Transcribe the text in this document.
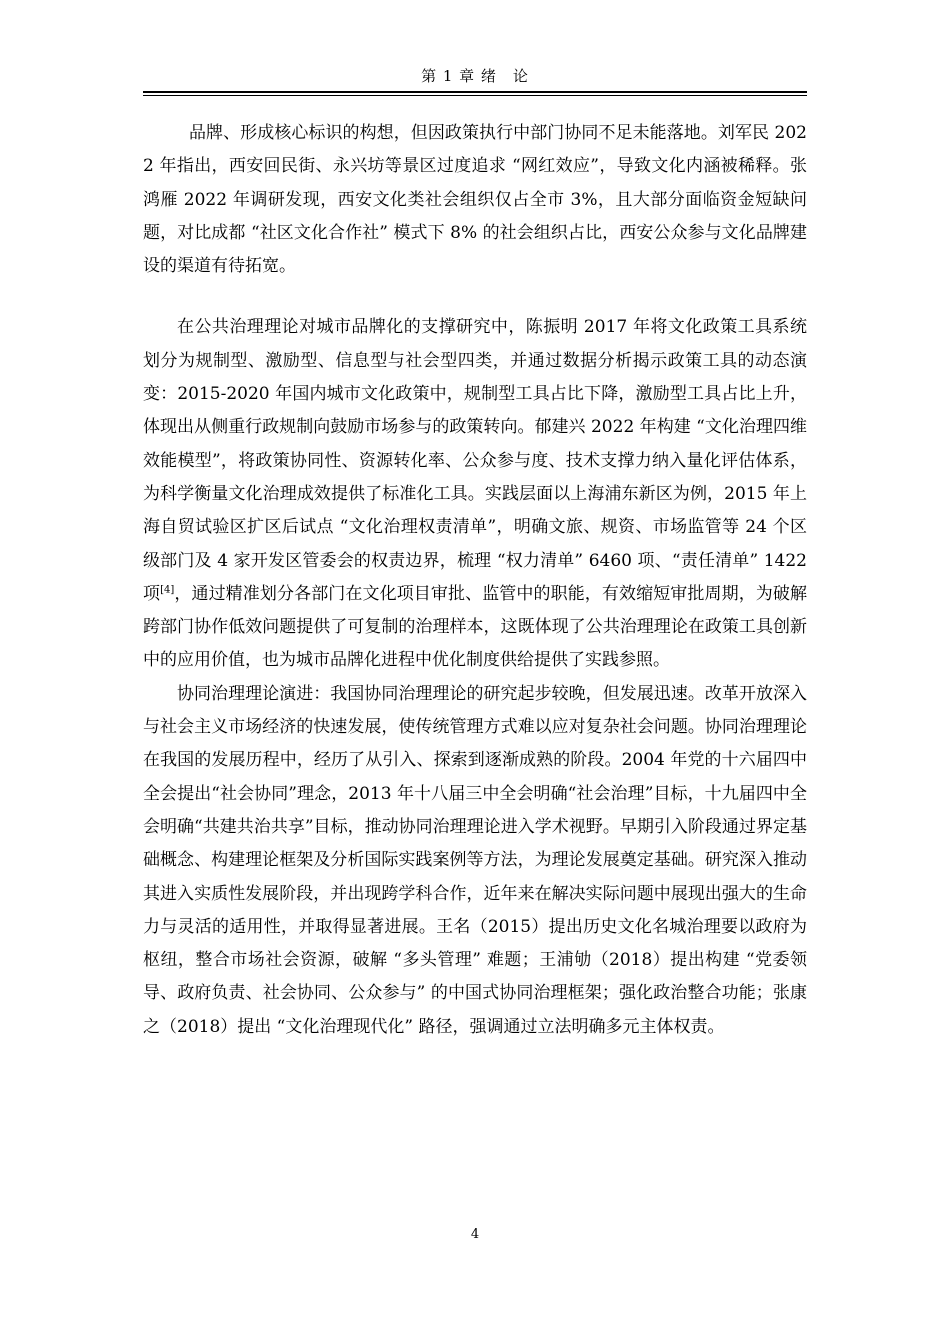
第 1 章 绪　论

品牌、形成核心标识的构想，但因政策执行中部门协同不足未能落地。刘军民 2022 年指出，西安回民街、永兴坊等景区过度追求 “网红效应”，导致文化内涵被稀释。张鸿雁 2022 年调研发现，西安文化类社会组织仅占全市 3%，且大部分面临资金短缺问题，对比成都 “社区文化合作社” 模式下 8% 的社会组织占比，西安公众参与文化品牌建设的渠道有待拓宽。

在公共治理理论对城市品牌化的支撑研究中，陈振明 2017 年将文化政策工具系统划分为规制型、激励型、信息型与社会型四类，并通过数据分析揭示政策工具的动态演变：2015-2020 年国内城市文化政策中，规制型工具占比下降，激励型工具占比上升，体现出从侧重行政规制向鼓励市场参与的政策转向。郁建兴 2022 年构建 “文化治理四维效能模型”，将政策协同性、资源转化率、公众参与度、技术支撑力纳入量化评估体系，为科学衡量文化治理成效提供了标准化工具。实践层面以上海浦东新区为例，2015 年上海自贸试验区扩区后试点 “文化治理权责清单”，明确文旅、规资、市场监管等 24 个区级部门及 4 家开发区管委会的权责边界，梳理 “权力清单” 6460 项、“责任清单” 1422 项[4]，通过精准划分各部门在文化项目审批、监管中的职能，有效缩短审批周期，为破解跨部门协作低效问题提供了可复制的治理样本，这既体现了公共治理理论在政策工具创新中的应用价值，也为城市品牌化进程中优化制度供给提供了实践参照。

协同治理理论演进：我国协同治理理论的研究起步较晚，但发展迅速。改革开放深入与社会主义市场经济的快速发展，使传统管理方式难以应对复杂社会问题。协同治理理论在我国的发展历程中，经历了从引入、探索到逐渐成熟的阶段。2004 年党的十六届四中全会提出“社会协同”理念，2013 年十八届三中全会明确“社会治理”目标，十九届四中全会明确“共建共治共享”目标，推动协同治理理论进入学术视野。早期引入阶段通过界定基础概念、构建理论框架及分析国际实践案例等方法，为理论发展奠定基础。研究深入推动其进入实质性发展阶段，并出现跨学科合作，近年来在解决实际问题中展现出强大的生命力与灵活的适用性，并取得显著进展。王名（2015）提出历史文化名城治理要以政府为枢纽，整合市场社会资源，破解 “多头管理” 难题；王浦劬（2018）提出构建 “党委领导、政府负责、社会协同、公众参与” 的中国式协同治理框架；强化政治整合功能；张康之（2018）提出 “文化治理现代化” 路径，强调通过立法明确多元主体权责。

4
